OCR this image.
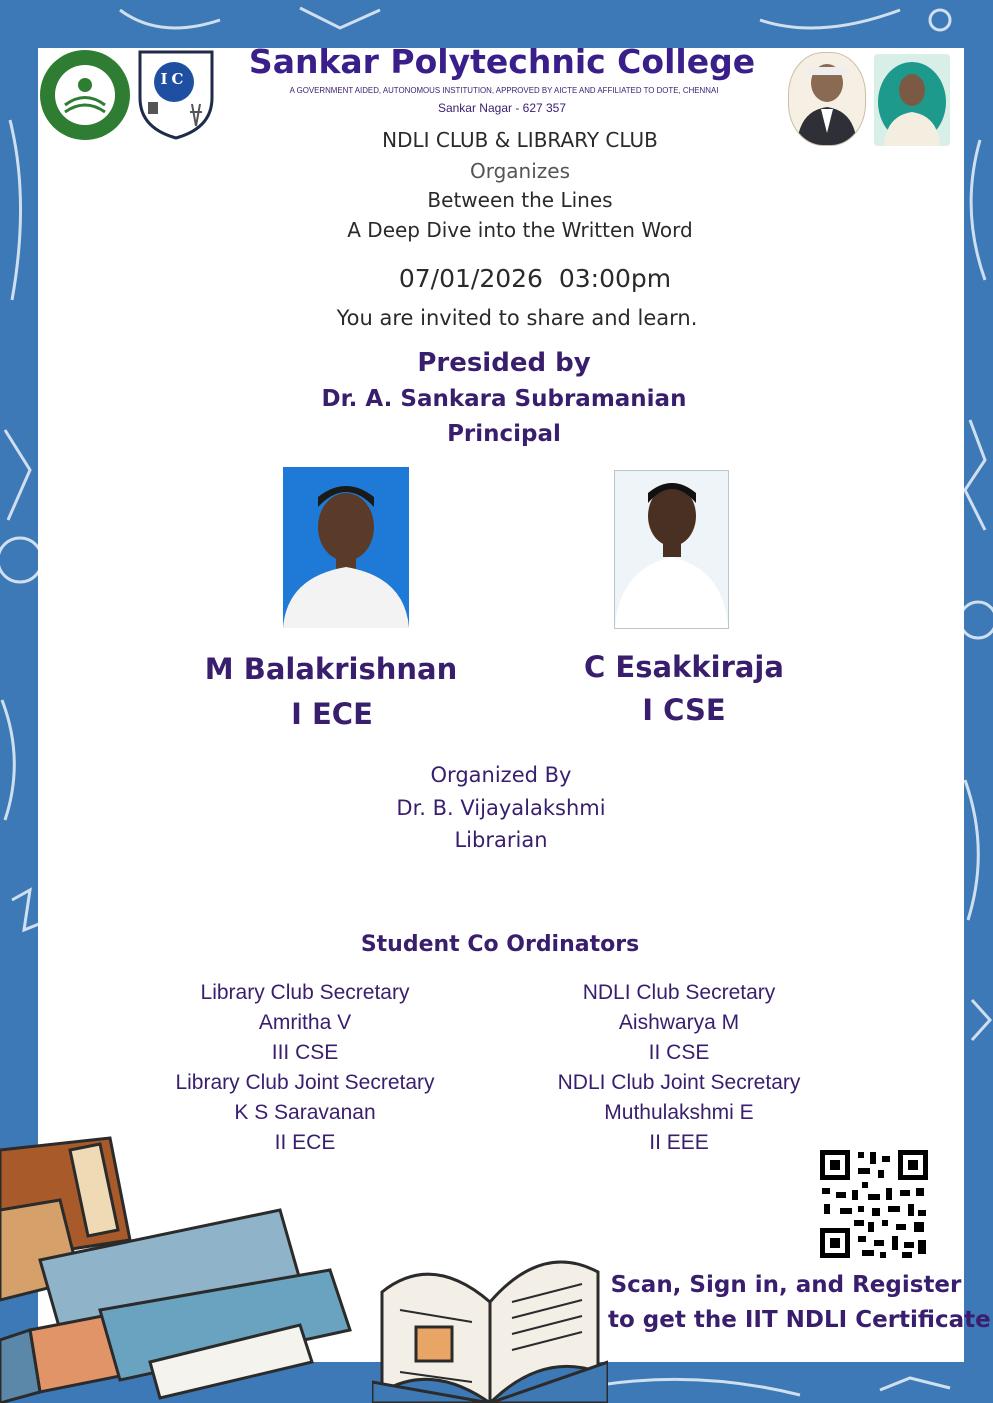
IC	Sankar Polytechnic College
A GOVERNMENT AIDED, AUTONOMOUS INSTITUTION, APPROVED BY AICTE AND AFFILIATED TO DOTE, CHENNAI
Sankar Nagar - 627 357
NDLI CLUB & LIBRARY CLUB
Organizes
Between the Lines
A Deep Dive into the Written Word
07/01/2026  03:00pm
You are invited to share and learn.
Presided by
Dr. A. Sankara Subramanian
Principal
M Balakrishnan
I ECE
C Esakkiraja
I CSE
Organized By
Dr. B. Vijayalakshmi
Librarian
Student Co Ordinators
Library Club Secretary
Amritha V
III CSE
Library Club Joint Secretary
K S Saravanan
II ECE
NDLI Club Secretary
Aishwarya M
II CSE
NDLI Club Joint Secretary
Muthulakshmi E
II EEE
Scan, Sign in, and Register
to get the IIT NDLI Certificate
